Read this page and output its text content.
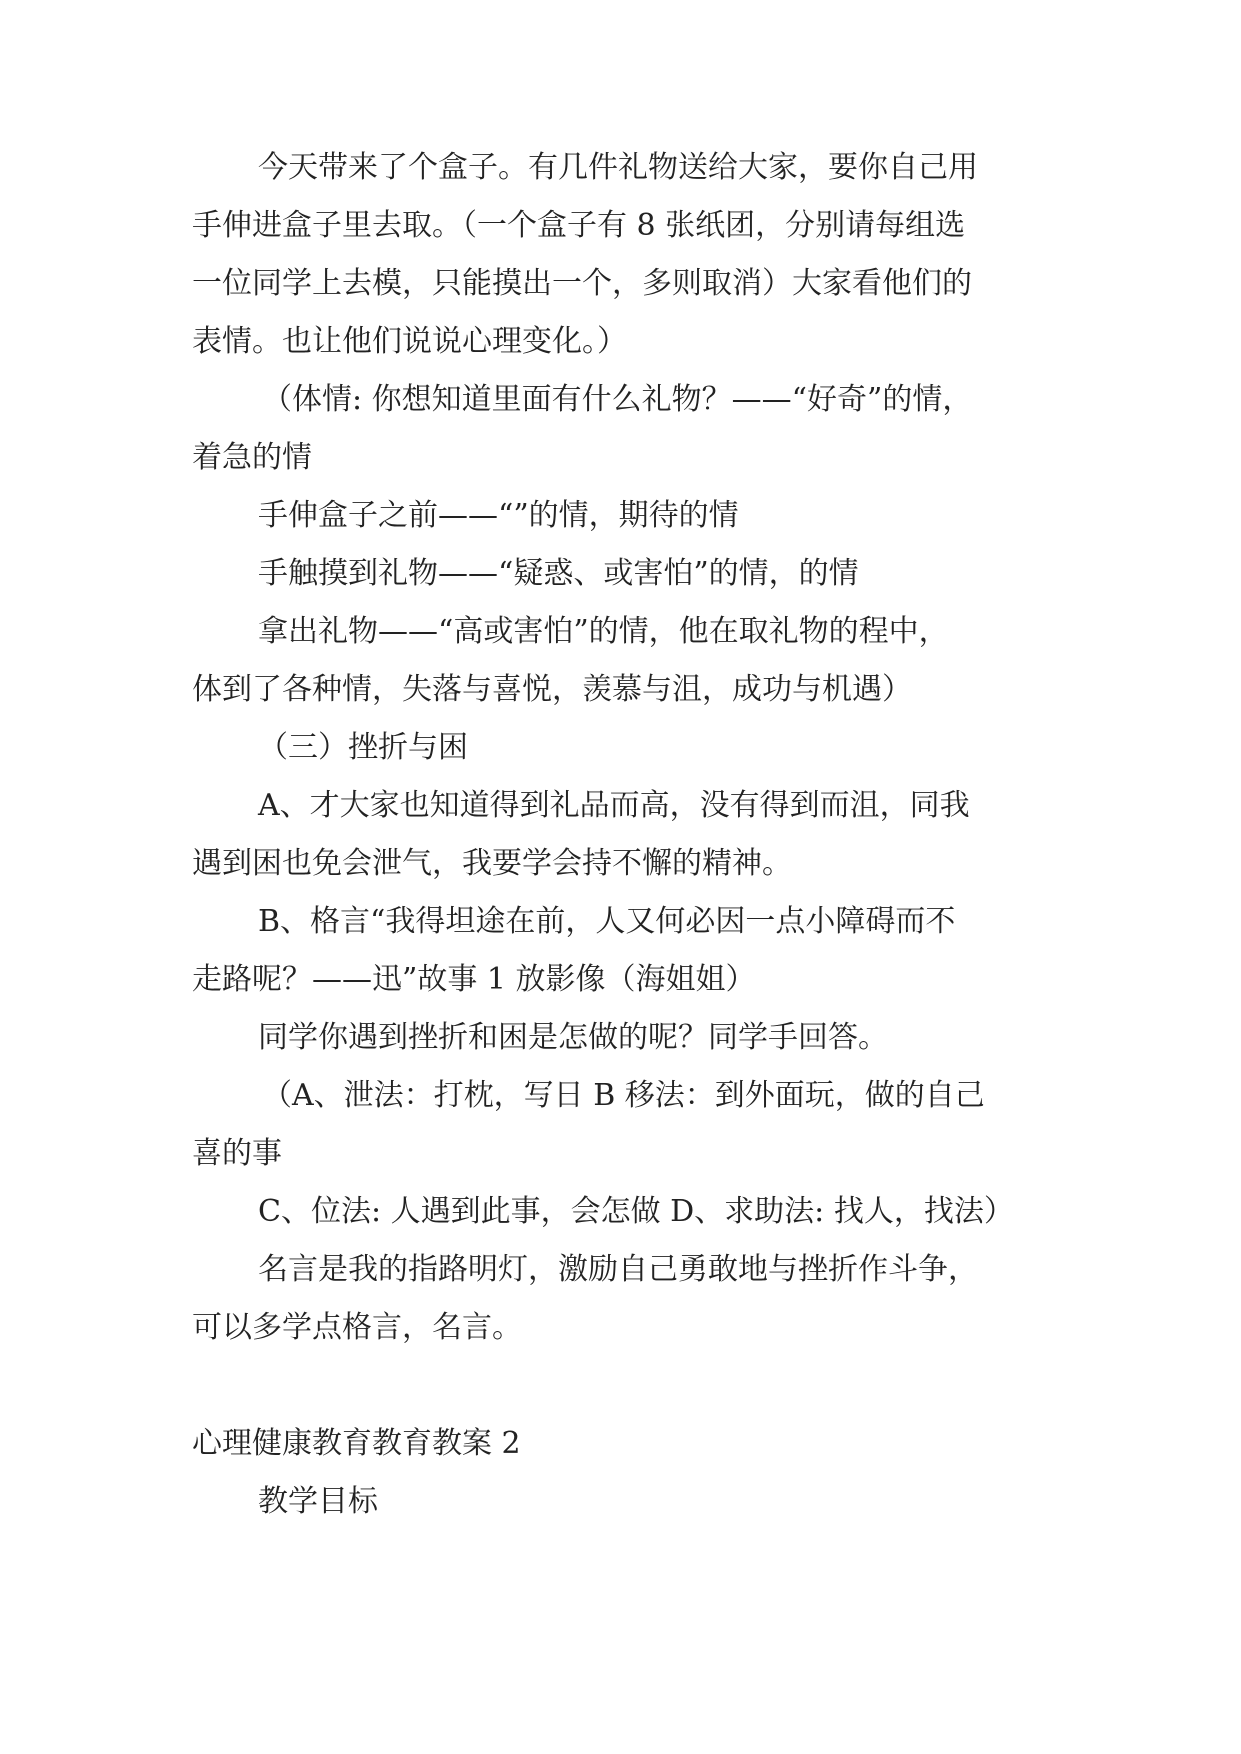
今天带来了个盒子。有几件礼物送给大家，要你自己用
手伸进盒子里去取。（一个盒子有 8 张纸团，分别请每组选
一位同学上去模，只能摸出一个，多则取消）大家看他们的
表情。也让他们说说心理变化。）
（体情: 你想知道里面有什么礼物？——“好奇”的情，
着急的情
手伸盒子之前——“”的情，期待的情
手触摸到礼物——“疑惑、或害怕”的情，的情
拿出礼物——“高或害怕”的情，他在取礼物的程中，
体到了各种情，失落与喜悦，羡慕与沮，成功与机遇）
（三）挫折与困
A、才大家也知道得到礼品而高，没有得到而沮，同我
遇到困也免会泄气，我要学会持不懈的精神。
B、格言“我得坦途在前，人又何必因一点小障碍而不
走路呢？——迅”故事 1 放影像（海姐姐）
同学你遇到挫折和困是怎做的呢？同学手回答。
（A、泄法：打枕，写日 B 移法：到外面玩，做的自己
喜的事
C、位法: 人遇到此事，会怎做 D、求助法: 找人，找法）
名言是我的指路明灯，激励自己勇敢地与挫折作斗争，
可以多学点格言，名言。
心理健康教育教育教案 2
教学目标
